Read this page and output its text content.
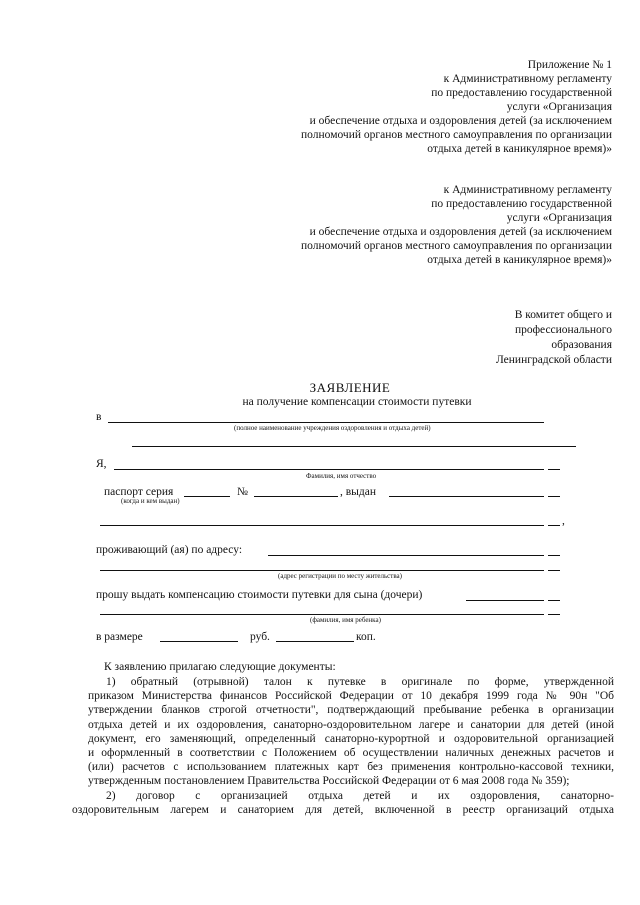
Приложение № 1
к Административному регламенту
по предоставлению государственной
услуги «Организация
и обеспечение отдыха и оздоровления детей (за исключением
полномочий органов местного самоуправления по организации
отдыха детей в каникулярное время)»
к Административному регламенту
по предоставлению государственной
услуги «Организация
и обеспечение отдыха и оздоровления детей (за исключением
полномочий органов местного самоуправления по организации
отдыха детей в каникулярное время)»
В комитет общего и
профессионального
образования
Ленинградской области
ЗАЯВЛЕНИЕ
на получение компенсации стоимости путевки
в
(полное наименование учреждения оздоровления и отдыха детей)
Я,
Фамилия, имя отчество
паспорт серия	№	, выдан
(когда и кем выдан)
,
проживающий (ая) по адресу:
(адрес регистрации по месту жительства)
прошу выдать компенсацию стоимости путевки для сына (дочери)
(фамилия, имя ребенка)
в размере	руб.	коп.
К заявлению прилагаю следующие документы:
1) обратный (отрывной) талон к путевке в оригинале по форме, утвержденной
приказом Министерства финансов Российской Федерации от 10 декабря 1999 года № 90н "Об
утверждении бланков строгой отчетности", подтверждающий пребывание ребенка в организации
отдыха детей и их оздоровления, санаторно-оздоровительном лагере и санатории для детей (иной
документ, его заменяющий, определенный санаторно-курортной и оздоровительной организацией
и оформленный в соответствии с Положением об осуществлении наличных денежных расчетов и
(или) расчетов с использованием платежных карт без применения контрольно-кассовой техники,
утвержденным постановлением Правительства Российской Федерации от 6 мая 2008 года № 359);
2) договор с организацией отдыха детей и их оздоровления, санаторно-
оздоровительным лагерем и санаторием для детей, включенной в реестр организаций отдыха
